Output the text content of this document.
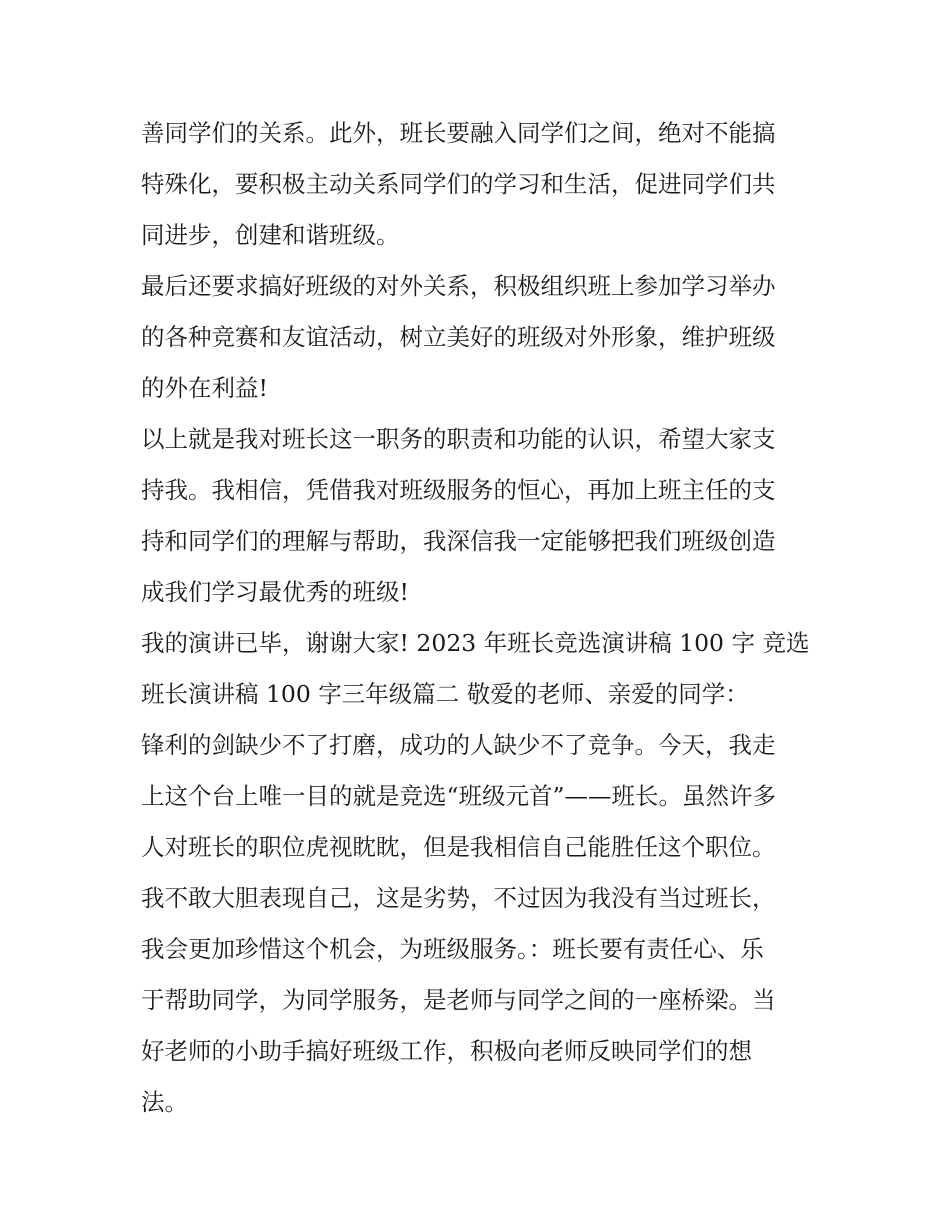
善同学们的关系。此外，班长要融入同学们之间，绝对不能搞
特殊化，要积极主动关系同学们的学习和生活，促进同学们共
同进步，创建和谐班级。
最后还要求搞好班级的对外关系，积极组织班上参加学习举办
的各种竞赛和友谊活动，树立美好的班级对外形象，维护班级
的外在利益!
以上就是我对班长这一职务的职责和功能的认识，希望大家支
持我。我相信，凭借我对班级服务的恒心，再加上班主任的支
持和同学们的理解与帮助，我深信我一定能够把我们班级创造
成我们学习最优秀的班级!
我的演讲已毕，谢谢大家! 2023 年班长竞选演讲稿 100 字 竞选
班长演讲稿 100 字三年级篇二 敬爱的老师、亲爱的同学：
锋利的剑缺少不了打磨，成功的人缺少不了竞争。今天，我走
上这个台上唯一目的就是竞选“班级元首”——班长。虽然许多
人对班长的职位虎视眈眈，但是我相信自己能胜任这个职位。
我不敢大胆表现自己，这是劣势，不过因为我没有当过班长，
我会更加珍惜这个机会，为班级服务。：班长要有责任心、乐
于帮助同学，为同学服务，是老师与同学之间的一座桥梁。当
好老师的小助手搞好班级工作，积极向老师反映同学们的想
法。
